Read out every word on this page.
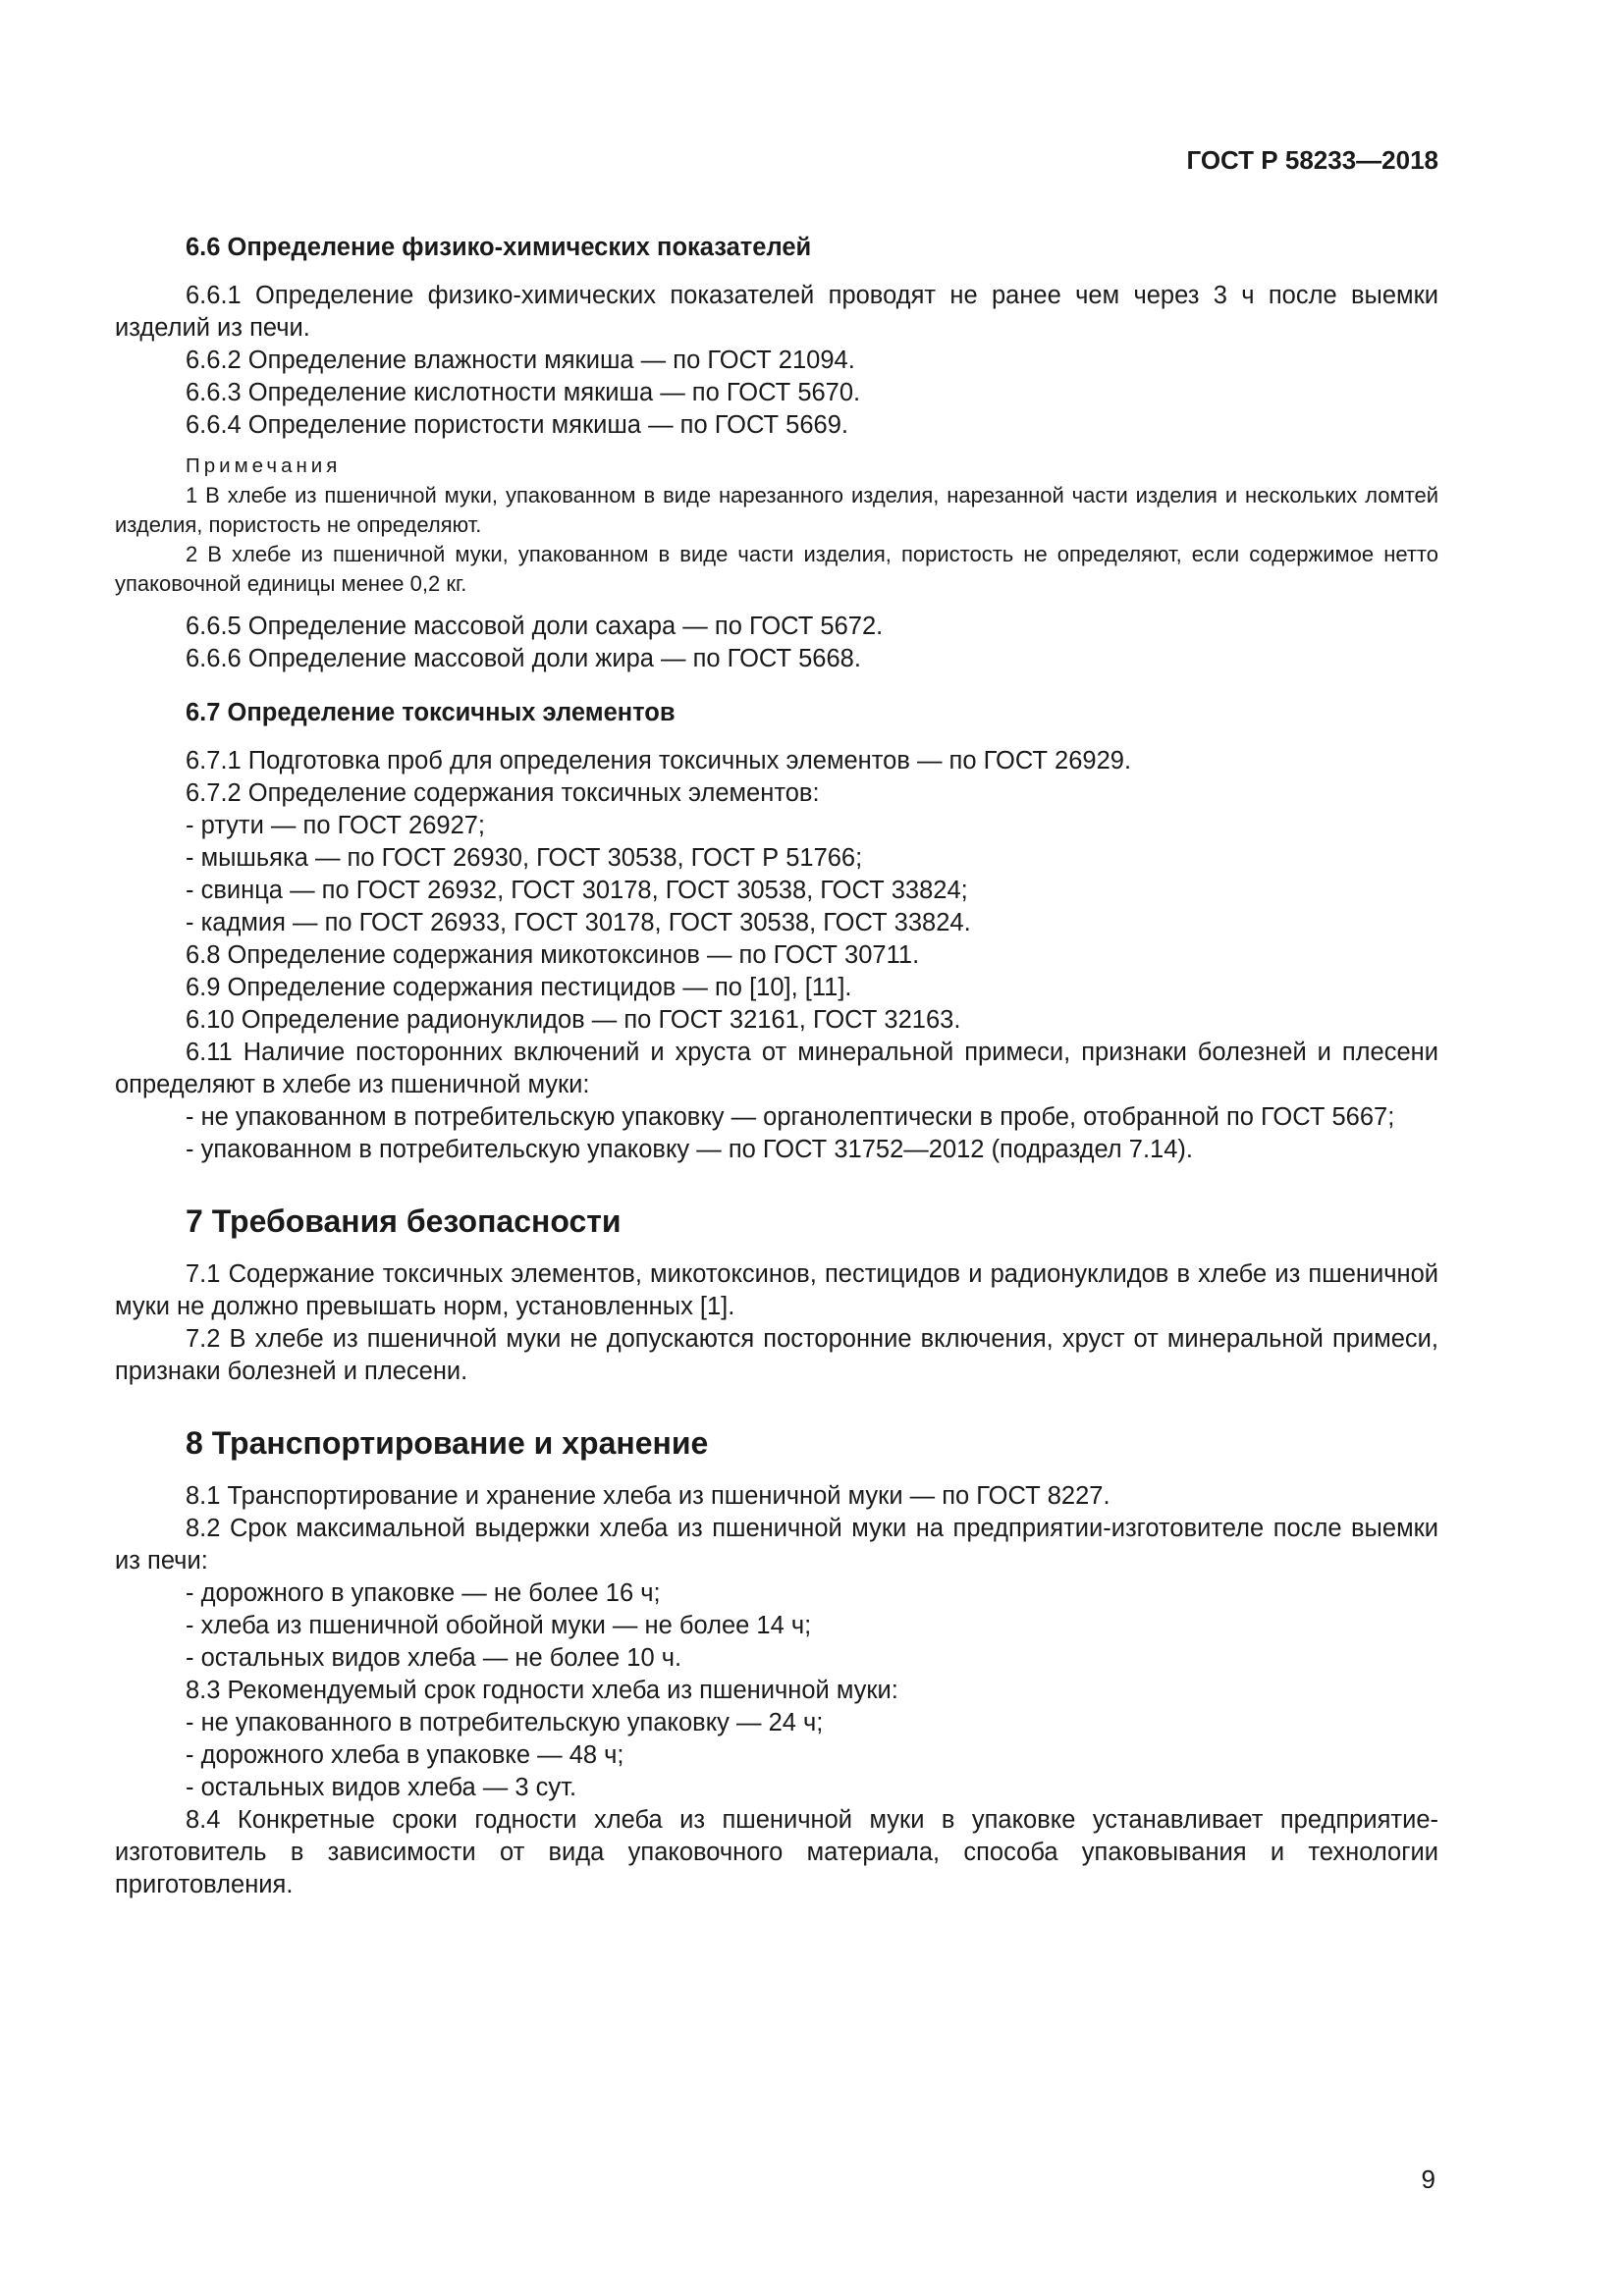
ГОСТ Р 58233—2018

6.6 Определение физико-химических показателей

6.6.1 Определение физико-химических показателей проводят не ранее чем через 3 ч после выемки изделий из печи.

6.6.2 Определение влажности мякиша — по ГОСТ 21094.

6.6.3 Определение кислотности мякиша — по ГОСТ 5670.

6.6.4 Определение пористости мякиша — по ГОСТ 5669.

Примечания

1 В хлебе из пшеничной муки, упакованном в виде нарезанного изделия, нарезанной части изделия и нескольких ломтей изделия, пористость не определяют.

2 В хлебе из пшеничной муки, упакованном в виде части изделия, пористость не определяют, если содержимое нетто упаковочной единицы менее 0,2 кг.

6.6.5 Определение массовой доли сахара — по ГОСТ 5672.

6.6.6 Определение массовой доли жира — по ГОСТ 5668.

6.7 Определение токсичных элементов

6.7.1 Подготовка проб для определения токсичных элементов — по ГОСТ 26929.

6.7.2 Определение содержания токсичных элементов:

- ртути — по ГОСТ 26927;

- мышьяка — по ГОСТ 26930, ГОСТ 30538, ГОСТ Р 51766;

- свинца — по ГОСТ 26932, ГОСТ 30178, ГОСТ 30538, ГОСТ 33824;

- кадмия — по ГОСТ 26933, ГОСТ 30178, ГОСТ 30538, ГОСТ 33824.

6.8 Определение содержания микотоксинов — по ГОСТ 30711.

6.9 Определение содержания пестицидов — по [10], [11].

6.10 Определение радионуклидов — по ГОСТ 32161, ГОСТ 32163.

6.11 Наличие посторонних включений и хруста от минеральной примеси, признаки болезней и плесени определяют в хлебе из пшеничной муки:

- не упакованном в потребительскую упаковку — органолептически в пробе, отобранной по ГОСТ 5667;

- упакованном в потребительскую упаковку — по ГОСТ 31752—2012 (подраздел 7.14).

7 Требования безопасности

7.1 Содержание токсичных элементов, микотоксинов, пестицидов и радионуклидов в хлебе из пшеничной муки не должно превышать норм, установленных [1].

7.2 В хлебе из пшеничной муки не допускаются посторонние включения, хруст от минеральной примеси, признаки болезней и плесени.

8 Транспортирование и хранение

8.1 Транспортирование и хранение хлеба из пшеничной муки — по ГОСТ 8227.

8.2 Срок максимальной выдержки хлеба из пшеничной муки на предприятии-изготовителе после выемки из печи:

- дорожного в упаковке — не более 16 ч;

- хлеба из пшеничной обойной муки — не более 14 ч;

- остальных видов хлеба — не более 10 ч.

8.3 Рекомендуемый срок годности хлеба из пшеничной муки:

- не упакованного в потребительскую упаковку — 24 ч;

- дорожного хлеба в упаковке — 48 ч;

- остальных видов хлеба — 3 сут.

8.4 Конкретные сроки годности хлеба из пшеничной муки в упаковке устанавливает предприятие-изготовитель в зависимости от вида упаковочного материала, способа упаковывания и технологии приготовления.

9
